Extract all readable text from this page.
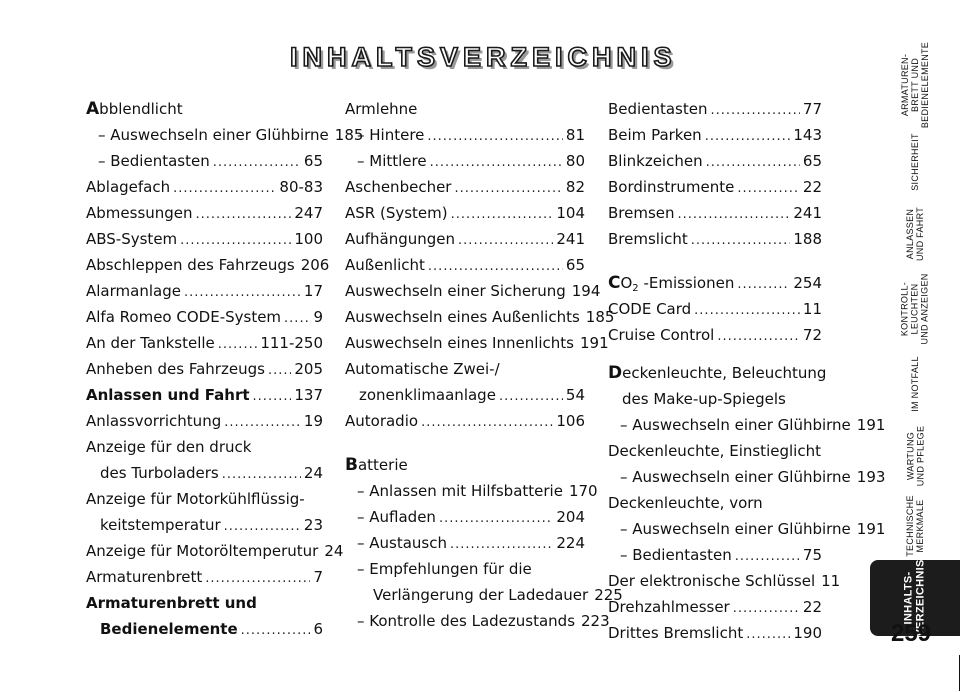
INHALTSVERZEICHNIS
Abblendlicht
– Auswechseln einer Glühbirne 185
– Bedientasten .....	65
Ablagefach .....	80-83
Abmessungen .....	247
ABS-System .....	100
Abschleppen des Fahrzeugs 206
Alarmanlage .....	17
Alfa Romeo CODE-System ..... 9
An der Tankstelle .....	111-250
Anheben des Fahrzeugs ..... 205
Anlassen und Fahrt .....	137
Anlassvorrichtung .....	19
Anzeige für den druck
des Turboladers .....	24
Anzeige für Motorkühlflüssig-
keitstemperatur .....	23
Anzeige für Motoröltemperutur 24
Armaturenbrett .....	7
Armaturenbrett und
Bedienelemente .....	6
Armlehne
– Hintere .....	81
– Mittlere .....	80
Aschenbecher .....	82
ASR (System) .....	104
Aufhängungen .....	241
Außenlicht .....	65
Auswechseln einer Sicherung 194
Auswechseln eines Außenlichts 185
Auswechseln eines Innenlichts 191
Automatische Zwei-/
zonenklimaanlage .....	54
Autoradio .....	106
Batterie
– Anlassen mit Hilfsbatterie 170
– Aufladen .....	204
– Austausch .....	224
– Empfehlungen für die
Verlängerung der Ladedauer 225
– Kontrolle des Ladezustands 223
Bedientasten .....	77
Beim Parken .....	143
Blinkzeichen .....	65
Bordinstrumente .....	22
Bremsen .....	241
Bremslicht .....	188
$CO_2$ -Emissionen .....	254
CODE Card .....	11
Cruise Control .....	72
Deckenleuchte, Beleuchtung
des Make-up-Spiegels
– Auswechseln einer Glühbirne 191
Deckenleuchte, Einstieglicht
– Auswechseln einer Glühbirne 193
Deckenleuchte, vorn
– Auswechseln einer Glühbirne 191
– Bedientasten .....	75
Der elektronische Schlüssel 11
Drehzahlmesser .....	22
Drittes Bremslicht .....	190
ARMATUREN-
BRETT UND
BEDIENELEMENTE
SICHERHEIT
ANLASSEN
UND FAHRT
KONTROLL-
LEUCHTEN
UND ANZEIGEN
IM NOTFALL
WARTUNG
UND PFLEGE
TECHNISCHE
MERKMALE
INHALTS-
VERZEICHNIS
259
